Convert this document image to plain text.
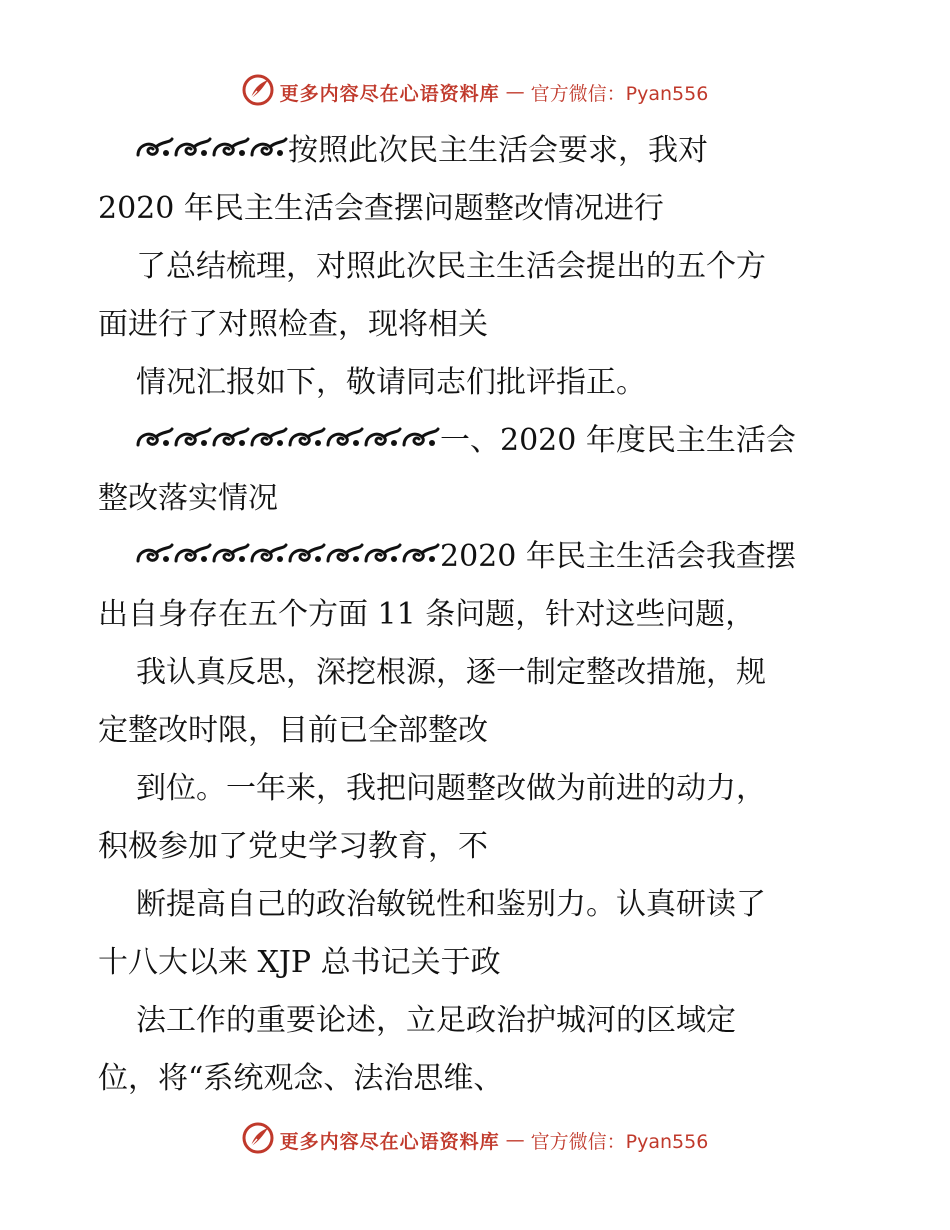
更多内容尽在心语资料库 — 官方微信：Pyan556
按照此次民主生活会要求，我对
2020 年民主生活会查摆问题整改情况进行
了总结梳理，对照此次民主生活会提出的五个方
面进行了对照检查，现将相关
情况汇报如下，敬请同志们批评指正。
一、2020 年度民主生活会
整改落实情况
2020 年民主生活会我查摆
出自身存在五个方面 11 条问题，针对这些问题，
我认真反思，深挖根源，逐一制定整改措施，规
定整改时限，目前已全部整改
到位。一年来，我把问题整改做为前进的动力，
积极参加了党史学习教育，不
断提高自己的政治敏锐性和鉴别力。认真研读了
十八大以来 XJP 总书记关于政
法工作的重要论述，立足政治护城河的区域定
位，将“系统观念、法治思维、
更多内容尽在心语资料库 — 官方微信：Pyan556
